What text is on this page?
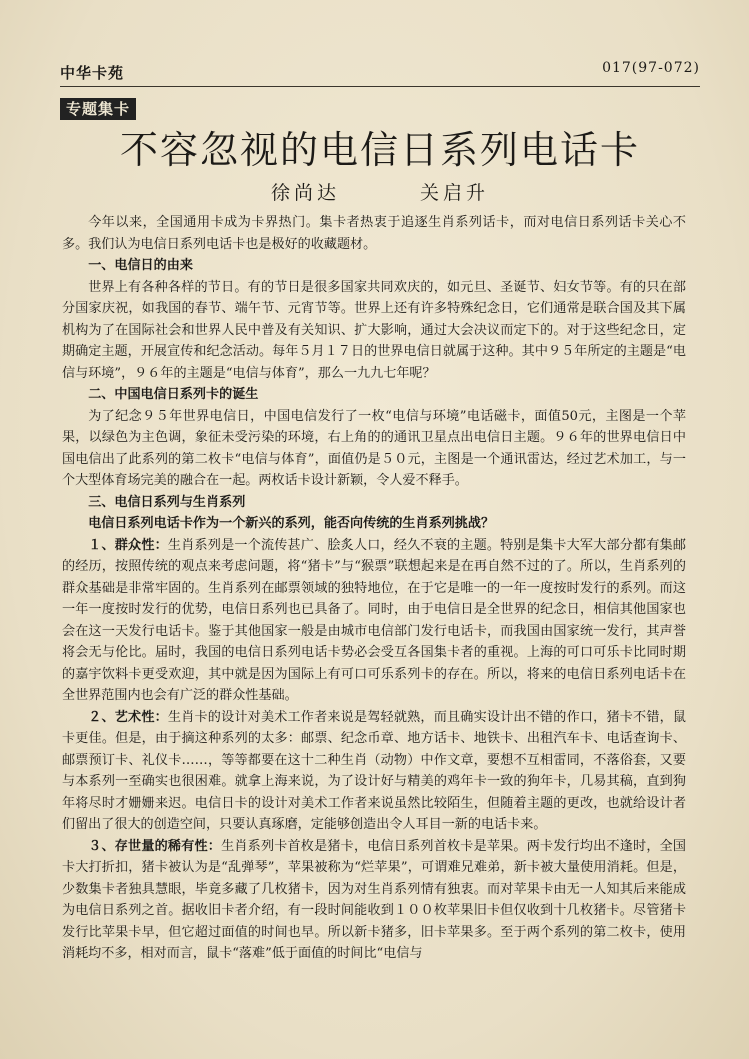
中华卡苑	017(97-072)
专题集卡
不容忽视的电信日系列电话卡
徐尚达	关启升

今年以来，全国通用卡成为卡界热门。集卡者热衷于追逐生肖系列话卡，而对电信日系列话卡关心不多。我们认为电信日系列电话卡也是极好的收藏题材。

一、电信日的由来

世界上有各种各样的节日。有的节日是很多国家共同欢庆的，如元旦、圣诞节、妇女节等。有的只在部分国家庆祝，如我国的春节、端午节、元宵节等。世界上还有许多特殊纪念日，它们通常是联合国及其下属机构为了在国际社会和世界人民中普及有关知识、扩大影响，通过大会决议而定下的。对于这些纪念日，定期确定主题，开展宣传和纪念活动。每年５月１７日的世界电信日就属于这种。其中９５年所定的主题是“电信与环境”，９６年的主题是“电信与体育”，那么一九九七年呢？

二、中国电信日系列卡的诞生

为了纪念９５年世界电信日，中国电信发行了一枚“电信与环境”电话磁卡，面值50元，主图是一个苹果，以绿色为主色调，象征未受污染的环境，右上角的的通讯卫星点出电信日主题。９６年的世界电信日中国电信出了此系列的第二枚卡“电信与体育”，面值仍是５０元，主图是一个通讯雷达，经过艺术加工，与一个大型体育场完美的融合在一起。两枚话卡设计新颖，令人爱不释手。

三、电信日系列与生肖系列

电信日系列电话卡作为一个新兴的系列，能否向传统的生肖系列挑战？

１、群众性：生肖系列是一个流传甚广、脍炙人口，经久不衰的主题。特别是集卡大军大部分都有集邮的经历，按照传统的观点来考虑问题，将“猪卡”与“猴票”联想起来是在再自然不过的了。所以，生肖系列的群众基础是非常牢固的。生肖系列在邮票领域的独特地位，在于它是唯一的一年一度按时发行的系列。而这一年一度按时发行的优势，电信日系列也已具备了。同时，由于电信日是全世界的纪念日，相信其他国家也会在这一天发行电话卡。鉴于其他国家一般是由城市电信部门发行电话卡，而我国由国家统一发行，其声誉将会无与伦比。届时，我国的电信日系列电话卡势必会受互各国集卡者的重视。上海的可口可乐卡比同时期的嘉宇饮料卡更受欢迎，其中就是因为国际上有可口可乐系列卡的存在。所以，将来的电信日系列电话卡在全世界范围内也会有广泛的群众性基础。

２、艺术性：生肖卡的设计对美术工作者来说是驾轻就熟，而且确实设计出不错的作口，猪卡不错，鼠卡更佳。但是，由于摘这种系列的太多：邮票、纪念币章、地方话卡、地铁卡、出租汽车卡、电话查询卡、邮票预订卡、礼仪卡……，等等都要在这十二种生肖（动物）中作文章，要想不互相雷同，不落俗套，又要与本系列一至确实也很困难。就拿上海来说，为了设计好与精美的鸡年卡一致的狗年卡，几易其稿，直到狗年将尽时才姗姗来迟。电信日卡的设计对美术工作者来说虽然比较陌生，但随着主题的更改，也就给设计者们留出了很大的创造空间，只要认真琢磨，定能够创造出令人耳目一新的电话卡来。

３、存世量的稀有性：生肖系列卡首枚是猪卡，电信日系列首枚卡是苹果。两卡发行均出不逢时，全国卡大打折扣，猪卡被认为是“乱弹琴”，苹果被称为“烂苹果”，可谓难兄难弟，新卡被大量使用消耗。但是，少数集卡者独具慧眼，毕竟多藏了几枚猪卡，因为对生肖系列情有独衷。而对苹果卡由无一人知其后来能成为电信日系列之首。据收旧卡者介绍，有一段时间能收到１００枚苹果旧卡但仅收到十几枚猪卡。尽管猪卡发行比苹果卡早，但它超过面值的时间也早。所以新卡猪多，旧卡苹果多。至于两个系列的第二枚卡，使用消耗均不多，相对而言，鼠卡“落难”低于面值的时间比“电信与
